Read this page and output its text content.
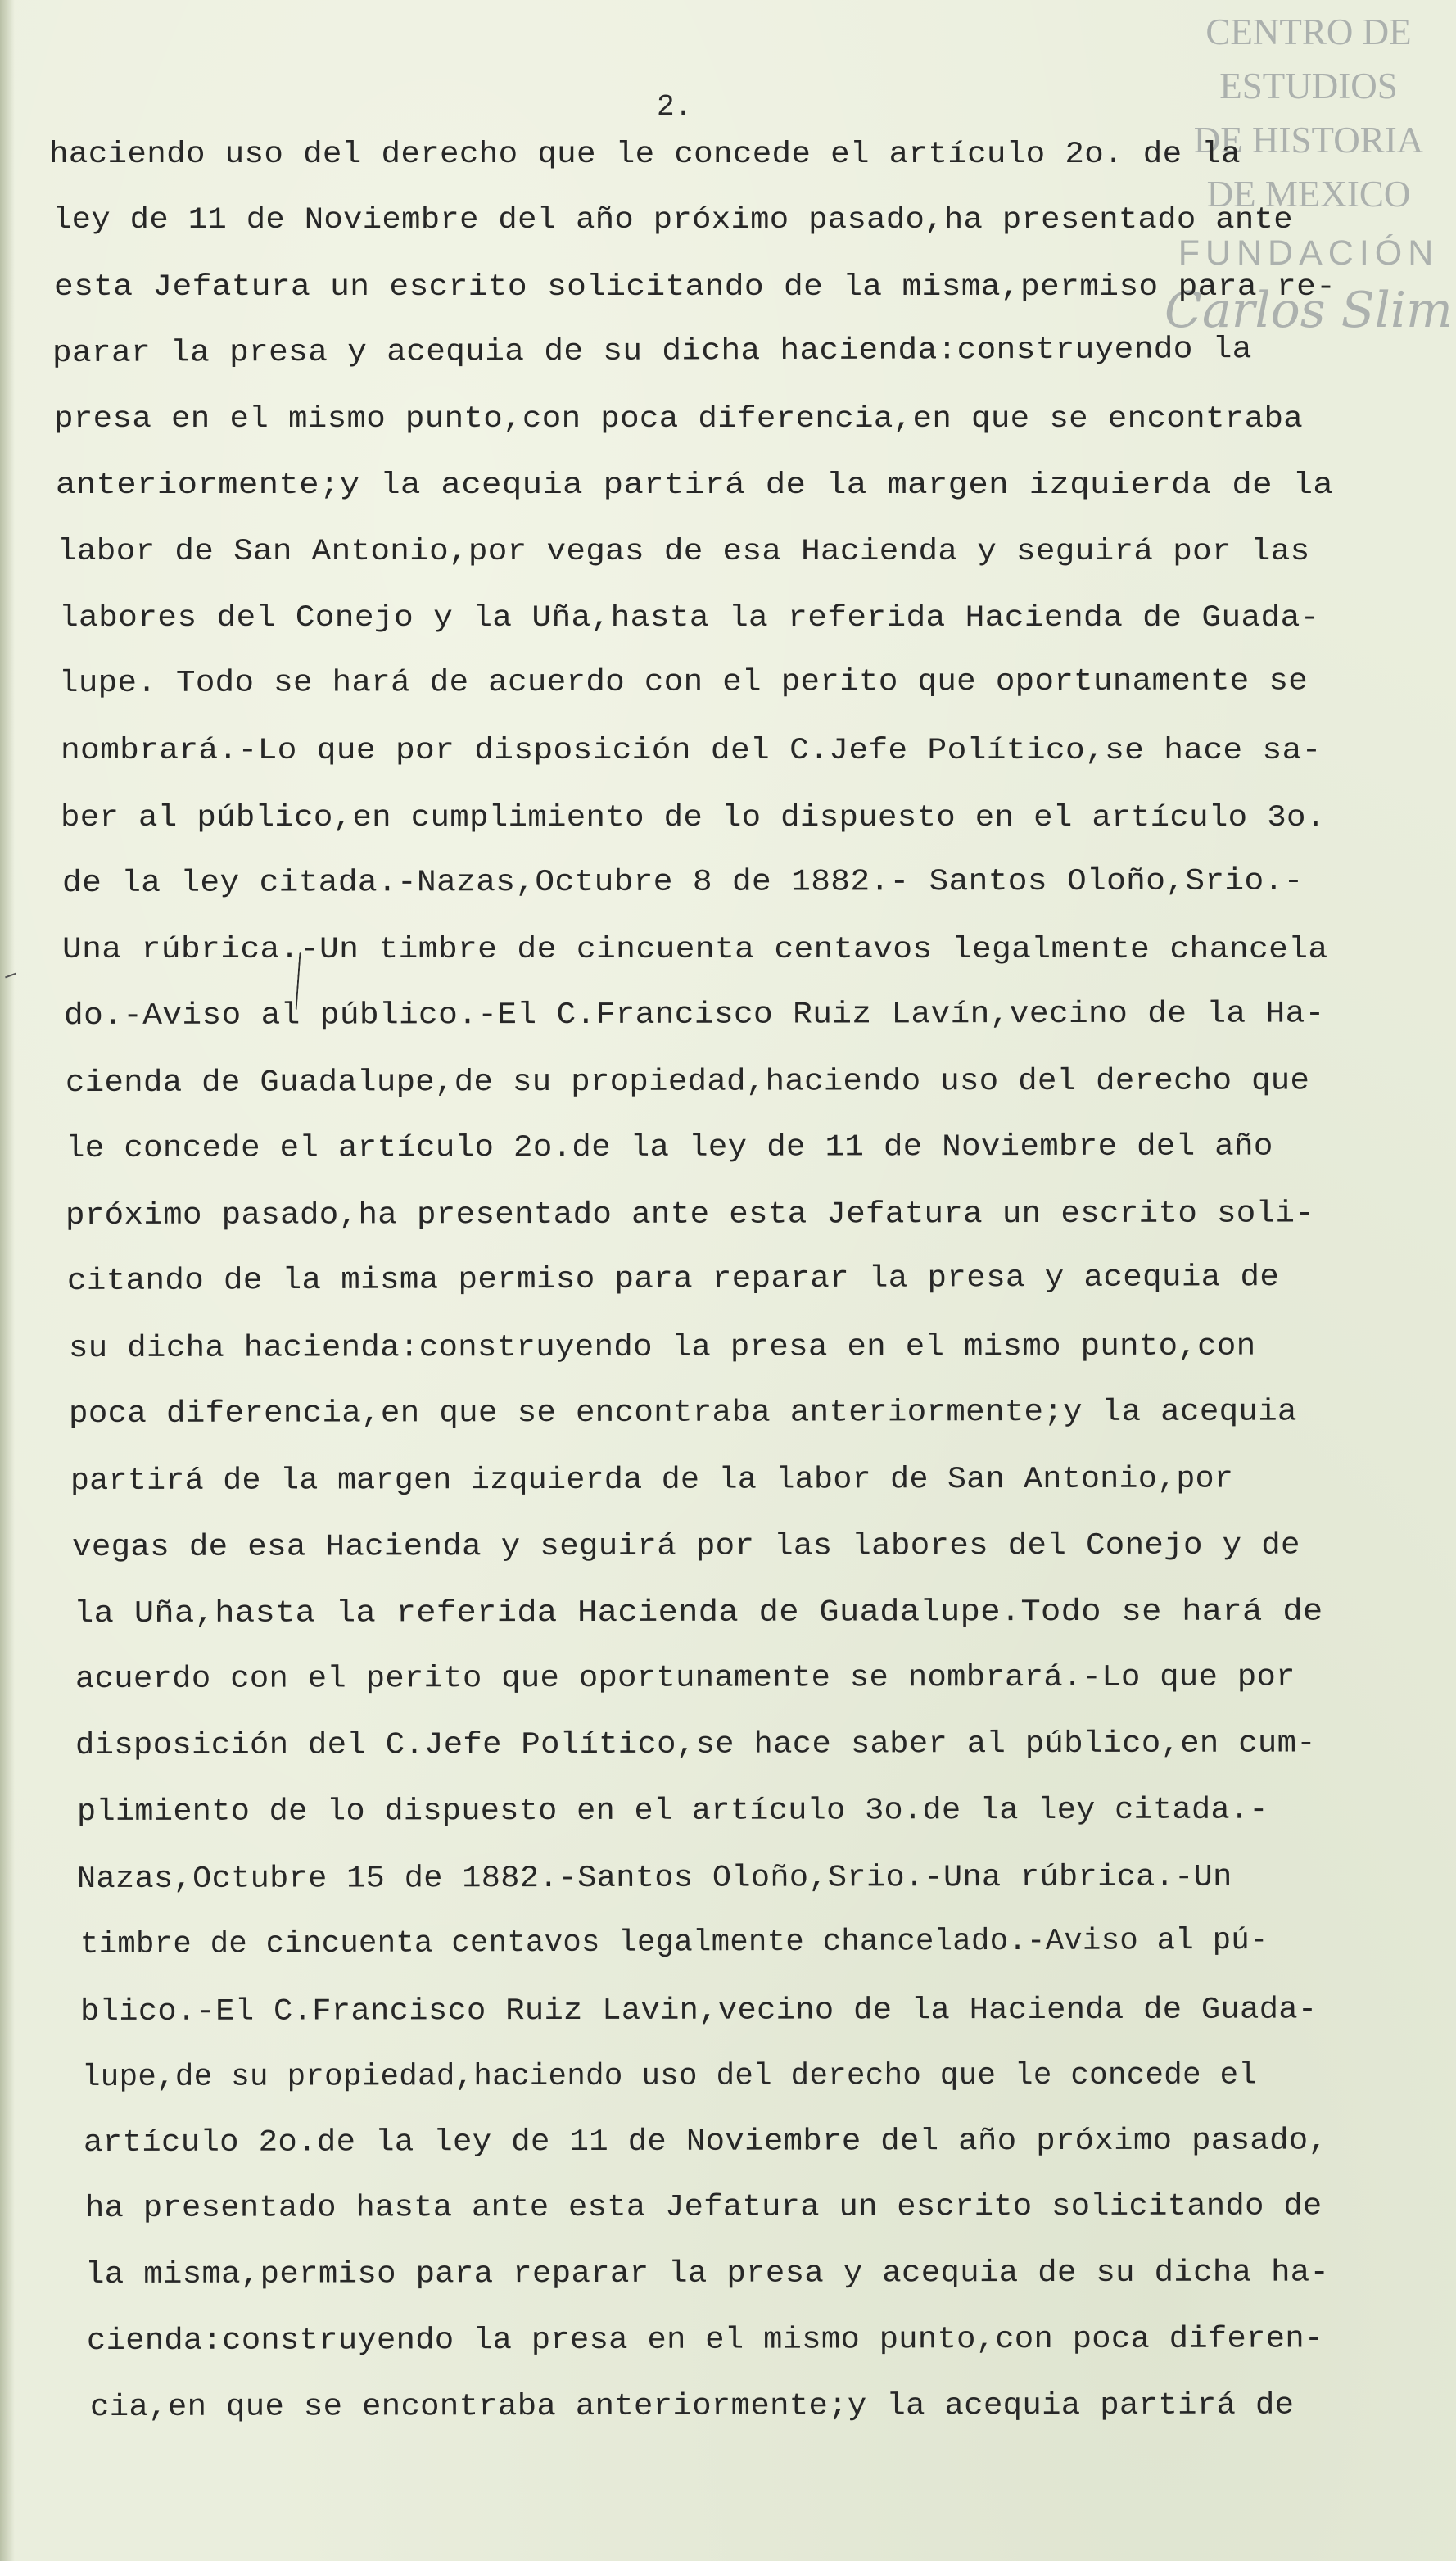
CENTRO DE
ESTUDIOS
DE HISTORIA
DE MEXICO
FUNDACIÓN
Carlos Slim
2.
haciendo uso del derecho que le concede el artículo 2o. de la
ley de 11 de Noviembre del año próximo pasado,ha presentado ante
esta Jefatura un escrito solicitando de la misma,permiso para re-
parar la presa y acequia de su dicha hacienda:construyendo la
presa en el mismo punto,con poca diferencia,en que se encontraba
anteriormente;y la acequia partirá de la margen izquierda de la
labor de San Antonio,por vegas de esa Hacienda y seguirá por las
labores del Conejo y la Uña,hasta la referida Hacienda de Guada-
lupe. Todo se hará de acuerdo con el perito que oportunamente se
nombrará.-Lo que por disposición del C.Jefe Político,se hace sa-
ber al público,en cumplimiento de lo dispuesto en el artículo 3o.
de la ley citada.-Nazas,Octubre 8 de 1882.- Santos Oloño,Srio.-
Una rúbrica.-Un timbre de cincuenta centavos legalmente chancela
do.-Aviso al público.-El C.Francisco Ruiz Lavín,vecino de la Ha-
cienda de Guadalupe,de su propiedad,haciendo uso del derecho que
le concede el artículo 2o.de la ley de 11 de Noviembre del año
próximo pasado,ha presentado ante esta Jefatura un escrito soli-
citando de la misma permiso para reparar la presa y acequia de
su dicha hacienda:construyendo la presa en el mismo punto,con
poca diferencia,en que se encontraba anteriormente;y la acequia
partirá de la margen izquierda de la labor de San Antonio,por
vegas de esa Hacienda y seguirá por las labores del Conejo y de
la Uña,hasta la referida Hacienda de Guadalupe.Todo se hará de
acuerdo con el perito que oportunamente se nombrará.-Lo que por
disposición del C.Jefe Político,se hace saber al público,en cum-
plimiento de lo dispuesto en el artículo 3o.de la ley citada.-
Nazas,Octubre 15 de 1882.-Santos Oloño,Srio.-Una rúbrica.-Un
timbre de cincuenta centavos legalmente chancelado.-Aviso al pú-
blico.-El C.Francisco Ruiz Lavin,vecino de la Hacienda de Guada-
lupe,de su propiedad,haciendo uso del derecho que le concede el
artículo 2o.de la ley de 11 de Noviembre del año próximo pasado,
ha presentado hasta ante esta Jefatura un escrito solicitando de
la misma,permiso para reparar la presa y acequia de su dicha ha-
cienda:construyendo la presa en el mismo punto,con poca diferen-
cia,en que se encontraba anteriormente;y la acequia partirá de
